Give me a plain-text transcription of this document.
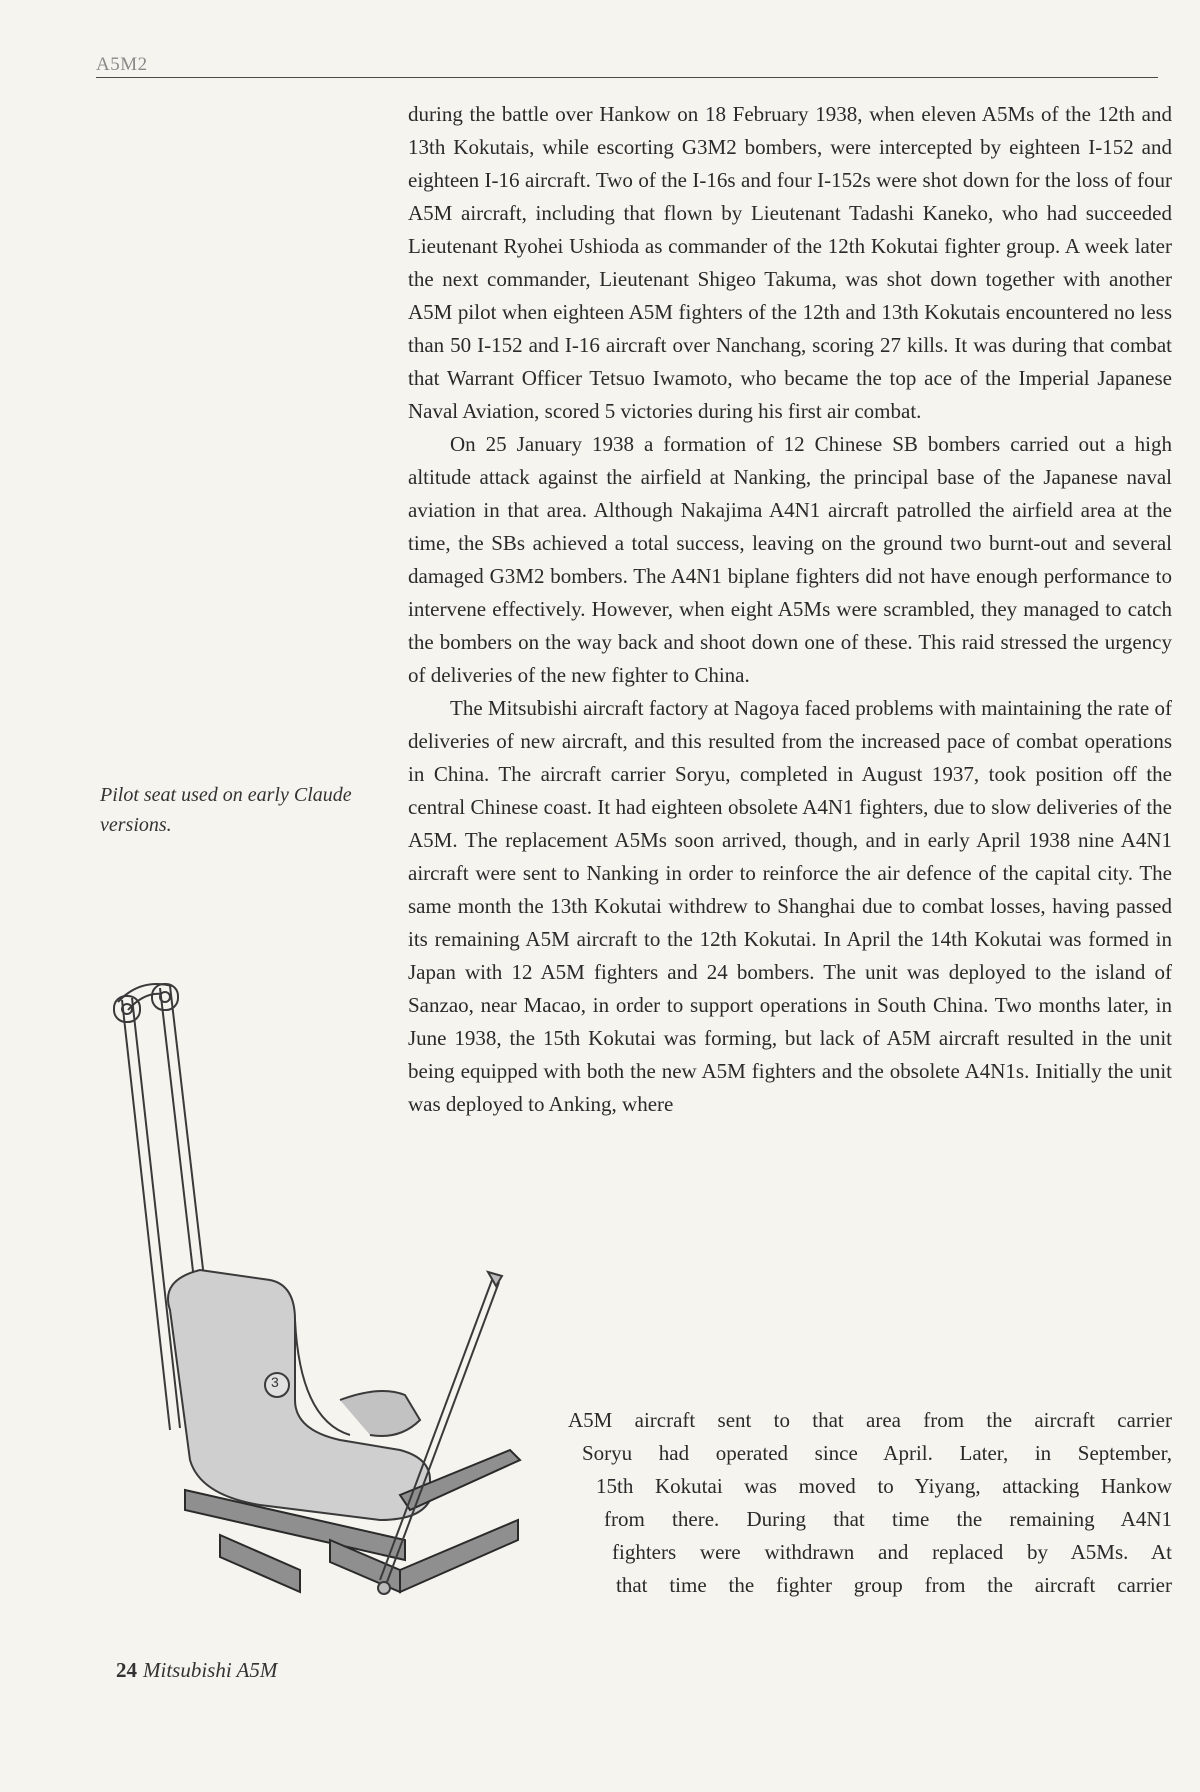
A5M2

during the battle over Hankow on 18 February 1938, when eleven A5Ms of the 12th and 13th Kokutais, while escorting G3M2 bombers, were intercepted by eighteen I-152 and eighteen I-16 aircraft. Two of the I-16s and four I-152s were shot down for the loss of four A5M aircraft, including that flown by Lieutenant Tadashi Kaneko, who had succeeded Lieutenant Ryohei Ushioda as commander of the 12th Kokutai fighter group. A week later the next commander, Lieutenant Shigeo Takuma, was shot down together with another A5M pilot when eighteen A5M fighters of the 12th and 13th Kokutais encountered no less than 50 I-152 and I-16 aircraft over Nanchang, scoring 27 kills. It was during that combat that Warrant Officer Tetsuo Iwamoto, who became the top ace of the Imperial Japanese Naval Aviation, scored 5 victories during his first air combat.

On 25 January 1938 a formation of 12 Chinese SB bombers carried out a high altitude attack against the airfield at Nanking, the principal base of the Japanese naval aviation in that area. Although Nakajima A4N1 aircraft patrolled the airfield area at the time, the SBs achieved a total success, leaving on the ground two burnt-out and several damaged G3M2 bombers. The A4N1 biplane fighters did not have enough performance to intervene effectively. However, when eight A5Ms were scrambled, they managed to catch the bombers on the way back and shoot down one of these. This raid stressed the urgency of deliveries of the new fighter to China.

The Mitsubishi aircraft factory at Nagoya faced problems with maintaining the rate of deliveries of new aircraft, and this resulted from the increased pace of combat operations in China. The aircraft carrier Soryu, completed in August 1937, took position off the central Chinese coast. It had eighteen obsolete A4N1 fighters, due to slow deliveries of the A5M. The replacement A5Ms soon arrived, though, and in early April 1938 nine A4N1 aircraft were sent to Nanking in order to reinforce the air defence of the capital city. The same month the 13th Kokutai withdrew to Shanghai due to combat losses, having passed its remaining A5M aircraft to the 12th Kokutai. In April the 14th Kokutai was formed in Japan with 12 A5M fighters and 24 bombers. The unit was deployed to the island of Sanzao, near Macao, in order to support operations in South China. Two months later, in June 1938, the 15th Kokutai was forming, but lack of A5M aircraft resulted in the unit being equipped with both the new A5M fighters and the obsolete A4N1s. Initially the unit was deployed to Anking, where

A5M aircraft sent to that area from the aircraft carrier
Soryu had operated since April. Later, in September,
15th Kokutai was moved to Yiyang, attacking Hankow
from there. During that time the remaining A4N1
fighters were withdrawn and replaced by A5Ms. At
that time the fighter group from the aircraft carrier
Pilot seat used on early Claude versions.
3
24 Mitsubishi A5M
